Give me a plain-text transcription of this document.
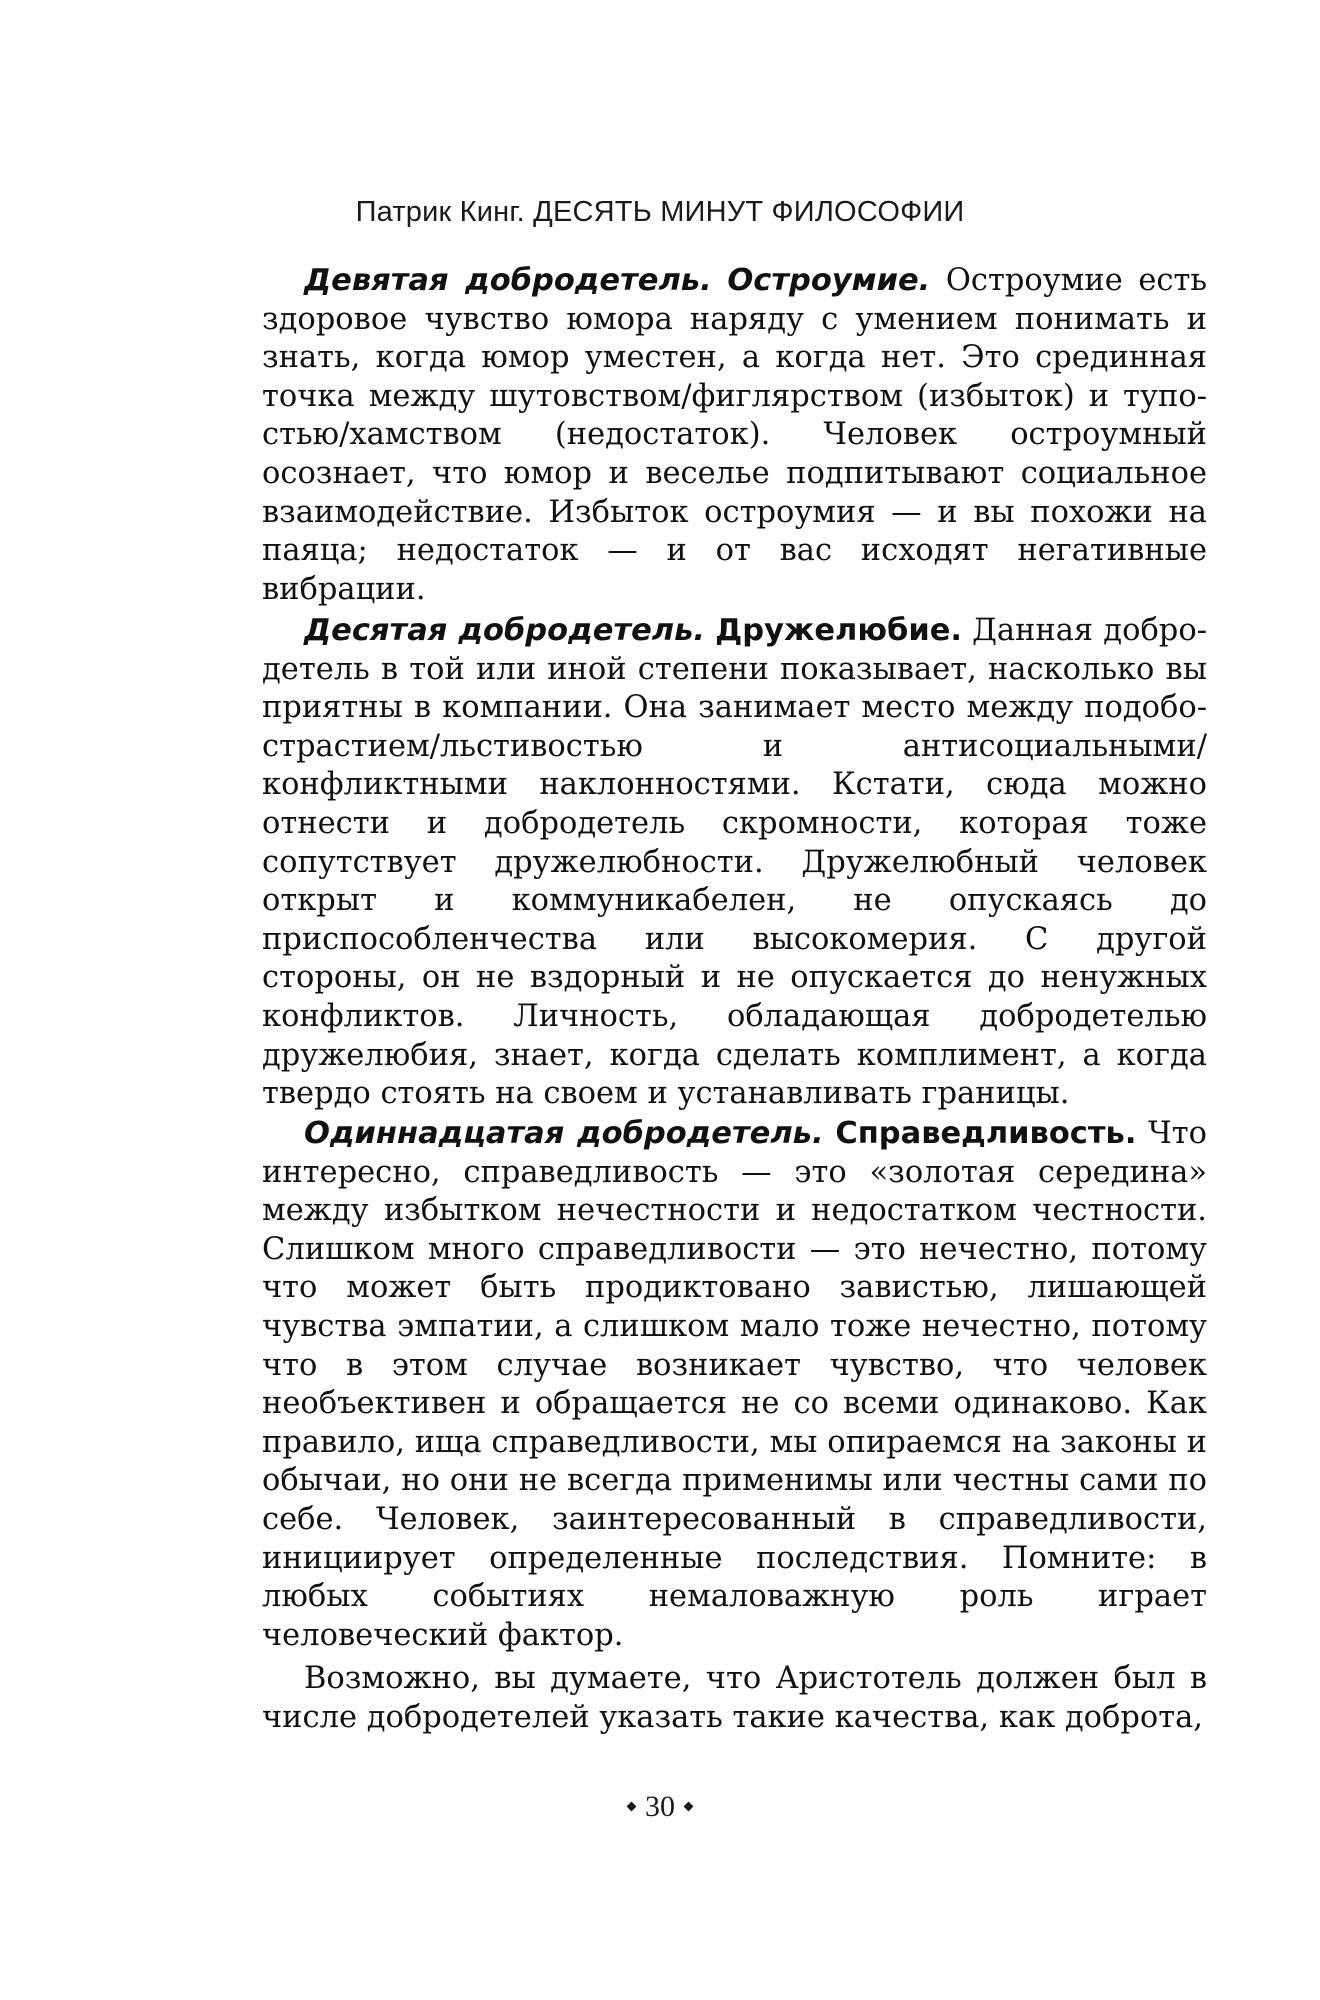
Патрик Кинг. ДЕСЯТЬ МИНУТ ФИЛОСОФИИ

Девятая добродетель. Остроумие. Остроумие есть здоровое чувство юмора наряду с умением понимать и знать, когда юмор уместен, а когда нет. Это срединная точка между шутовством/фиглярством (избыток) и тупостью/хамством (недостаток). Человек остроумный осознает, что юмор и веселье подпитывают социальное взаимодействие. Избыток остроумия — и вы похожи на паяца; недостаток — и от вас исходят негативные вибрации.

Десятая добродетель. Дружелюбие. Данная добродетель в той или иной степени показывает, насколько вы приятны в компании. Она занимает место между подобострастием/льстивостью и антисоциальными/конфликтными наклонностями. Кстати, сюда можно отнести и добродетель скромности, которая тоже сопутствует дружелюбности. Дружелюбный человек открыт и коммуникабелен, не опускаясь до приспособленчества или высокомерия. С другой стороны, он не вздорный и не опускается до ненужных конфликтов. Личность, обладающая добродетелью дружелюбия, знает, когда сделать комплимент, а когда твердо стоять на своем и устанавливать границы.

Одиннадцатая добродетель. Справедливость. Что интересно, справедливость — это «золотая середина» между избытком нечестности и недостатком честности. Слишком много справедливости — это нечестно, потому что может быть продиктовано завистью, лишающей чувства эмпатии, а слишком мало тоже нечестно, потому что в этом случае возникает чувство, что человек необъективен и обращается не со всеми одинаково. Как правило, ища справедливости, мы опираемся на законы и обычаи, но они не всегда применимы или честны сами по себе. Человек, заинтересованный в справедливости, инициирует определенные последствия. Помните: в любых событиях немаловажную роль играет человеческий фактор.

Возможно, вы думаете, что Аристотель должен был в числе добродетелей указать такие качества, как доброта,

30
